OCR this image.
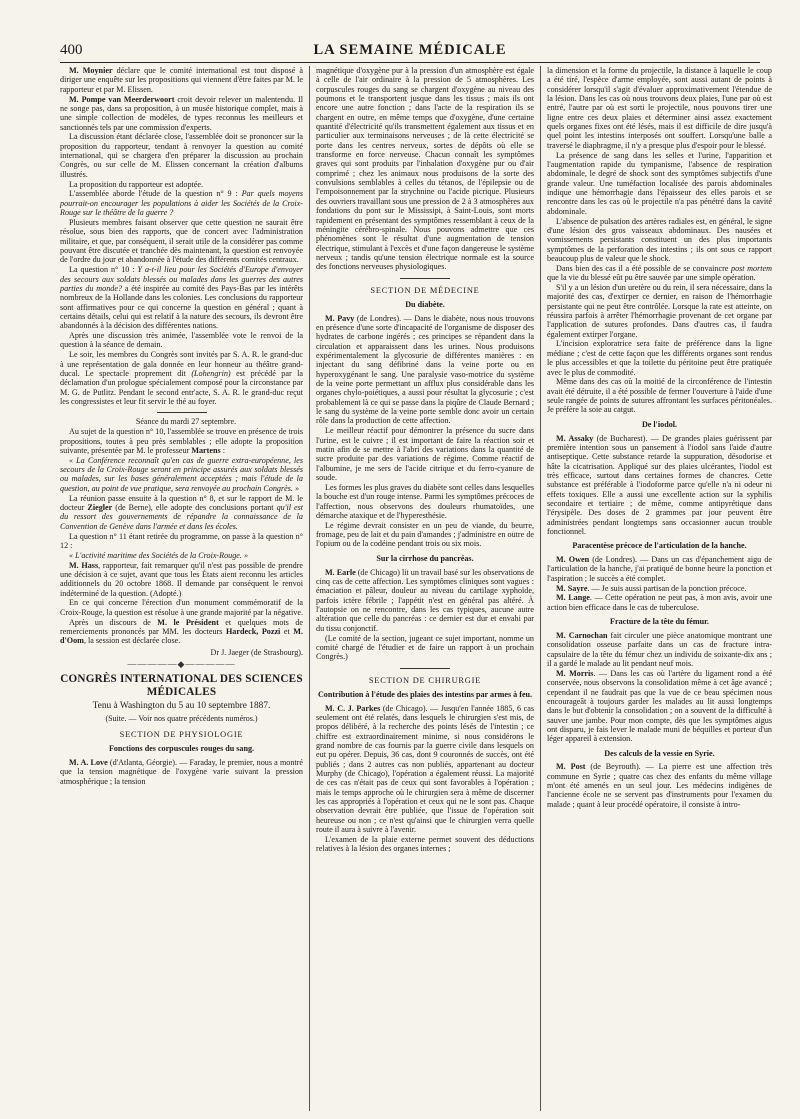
400	LA SEMAINE MÉDICALE

M. Moynier déclare que le comité international est tout disposé à diriger une enquête sur les propositions qui viennent d'être faites par M. le rapporteur et par M. Elissen.

M. Pompe van Meerderwoort croit devoir relever un malentendu. Il ne songe pas, dans sa proposition, à un musée historique complet, mais à une simple collection de modèles, de types reconnus les meilleurs et sanctionnés tels par une commission d'experts.

La discussion étant déclarée close, l'assemblée doit se prononcer sur la proposition du rapporteur, tendant à renvoyer la question au comité international, qui se chargera d'en préparer la discussion au prochain Congrès, ou sur celle de M. Elissen concernant la création d'albums illustrés.

La proposition du rapporteur est adoptée.

L'assemblée aborde l'étude de la question n° 9 : Par quels moyens pourrait-on encourager les populations à aider les Sociétés de la Croix-Rouge sur le théâtre de la guerre ?

Plusieurs membres faisant observer que cette question ne saurait être résolue, sous bien des rapports, que de concert avec l'administration militaire, et que, par conséquent, il serait utile de la considérer pas comme pouvant être discutée et tranchée dès maintenant, la question est renvoyée de l'ordre du jour et abandonnée à l'étude des différents comités centraux.

La question n° 10 : Y a-t-il lieu pour les Sociétés d'Europe d'envoyer des secours aux soldats blessés ou malades dans les guerres des autres parties du monde? a été inspirée au comité des Pays-Bas par les intérêts nombreux de la Hollande dans les colonies. Les conclusions du rapporteur sont affirmatives pour ce qui concerne la question en général ; quant à certains détails, celui qui est relatif à la nature des secours, ils devront être abandonnés à la décision des différentes nations.

Après une discussion très animée, l'assemblée vote le renvoi de la question à la séance de demain.

Le soir, les membres du Congrès sont invités par S. A. R. le grand-duc à une représentation de gala donnée en leur honneur au théâtre grand-ducal. Le spectacle proprement dit (Lohengrin) est précédé par la déclamation d'un prologue spécialement composé pour la circonstance par M. G. de Putlitz. Pendant le second entr'acte, S. A. R. le grand-duc reçut les congressistes et leur fit servir le thé au foyer.

Séance du mardi 27 septembre.

Au sujet de la question n° 10, l'assemblée se trouve en présence de trois propositions, toutes à peu près semblables ; elle adopte la proposition suivante, présentée par M. le professeur Martens :

« La Conférence reconnaît qu'en cas de guerre extra-européenne, les secours de la Croix-Rouge seront en principe assurés aux soldats blessés ou malades, sur les bases généralement acceptées ; mais l'étude de la question, au point de vue pratique, sera renvoyée au prochain Congrès. »

La réunion passe ensuite à la question n° 8, et sur le rapport de M. le docteur Ziegler (de Berne), elle adopte des conclusions portant qu'il est du ressort des gouvernements de répandre la connaissance de la Convention de Genève dans l'armée et dans les écoles.

La question n° 11 étant retirée du programme, on passe à la question n° 12 :

« L'activité maritime des Sociétés de la Croix-Rouge. »

M. Hass, rapporteur, fait remarquer qu'il n'est pas possible de prendre une décision à ce sujet, avant que tous les États aient reconnu les articles additionnels du 20 octobre 1868. Il demande par conséquent le renvoi indéterminé de la question. (Adopté.)

En ce qui concerne l'érection d'un monument commémoratif de la Croix-Rouge, la question est résolue à une grande majorité par la négative.

Après un discours de M. le Président et quelques mots de remerciements prononcés par MM. les docteurs Hardeck, Pozzi et M. d'Oom, la session est déclarée close.

Dr J. Jaeger (de Strasbourg).
—————◆—————
CONGRÈS INTERNATIONAL DES SCIENCES MÉDICALES
Tenu à Washington du 5 au 10 septembre 1887.
(Suite. — Voir nos quatre précédents numéros.)
SECTION DE PHYSIOLOGIE
Fonctions des corpuscules rouges du sang.

M. A. Love (d'Atlanta, Géorgie). — Faraday, le premier, nous a montré que la tension magnétique de l'oxygène varie suivant la pression atmosphérique ; la tension

magnétique d'oxygène pur à la pression d'un atmosphère est égale à celle de l'air ordinaire à la pression de 5 atmosphères. Les corpuscules rouges du sang se chargent d'oxygène au niveau des poumons et le transportent jusque dans les tissus ; mais ils ont encore une autre fonction ; dans l'acte de la respiration ils se chargent en outre, en même temps que d'oxygène, d'une certaine quantité d'électricité qu'ils transmettent également aux tissus et en particulier aux terminaisons nerveuses ; de là cette électricité se porte dans les centres nerveux, sortes de dépôts où elle se transforme en force nerveuse. Chacun connaît les symptômes graves qui sont produits par l'inhalation d'oxygène pur ou d'air comprimé ; chez les animaux nous produisons de la sorte des convulsions semblables à celles du tétanos, de l'épilepsie ou de l'empoisonnement par la strychnine ou l'acide picrique. Plusieurs des ouvriers travaillant sous une pression de 2 à 3 atmosphères aux fondations du pont sur le Mississipi, à Saint-Louis, sont morts rapidement en présentant des symptômes ressemblant à ceux de la méningite cérébro-spinale. Nous pouvons admettre que ces phénomènes sont le résultat d'une augmentation de tension électrique, stimulant à l'excès et d'une façon dangereuse le système nerveux ; tandis qu'une tension électrique normale est la source des fonctions nerveuses physiologiques.

SECTION DE MÉDECINE
Du diabète.

M. Pavy (de Londres). — Dans le diabète, nous nous trouvons en présence d'une sorte d'incapacité de l'organisme de disposer des hydrates de carbone ingérés ; ces principes se répandent dans la circulation et apparaissent dans les urines. Nous produisons expérimentalement la glycosurie de différentes manières : en injectant du sang défibriné dans la veine porte ou en hyperoxygénant le sang. Une paralysie vaso-motrice du système de la veine porte permettant un afflux plus considérable dans les organes chylo-poiétiques, a aussi pour résultat la glycosurie ; c'est probablement là ce qui se passe dans la piqûre de Claude Bernard ; le sang du système de la veine porte semble donc avoir un certain rôle dans la production de cette affection.

Le meilleur réactif pour démontrer la présence du sucre dans l'urine, est le cuivre ; il est important de faire la réaction soir et matin afin de se mettre à l'abri des variations dans la quantité de sucre produite par des variations de régime. Comme réactif de l'albumine, je me sers de l'acide citrique et du ferro-cyanure de soude.

Les formes les plus graves du diabète sont celles dans lesquelles la bouche est d'un rouge intense. Parmi les symptômes précoces de l'affection, nous observons des douleurs rhumatoïdes, une démarche ataxique et de l'hyperesthésie.

Le régime devrait consister en un peu de viande, du beurre, fromage, peu de lait et du pain d'amandes ; j'administre en outre de l'opium ou de la codéine pendant trois ou six mois.

Sur la cirrhose du pancréas.

M. Earle (de Chicago) lit un travail basé sur les observations de cinq cas de cette affection. Les symptômes cliniques sont vagues : émaciation et pâleur, douleur au niveau du cartilage xyphoïde, parfois ictère fébrile ; l'appétit n'est en général pas altéré. À l'autopsie on ne rencontre, dans les cas typiques, aucune autre altération que celle du pancréas : ce dernier est dur et envahi par du tissu conjonctif.

(Le comité de la section, jugeant ce sujet important, nomme un comité chargé de l'étudier et de faire un rapport à un prochain Congrès.)

SECTION DE CHIRURGIE
Contribution à l'étude des plaies des intestins par armes à feu.

M. C. J. Parkes (de Chicago). — Jusqu'en l'année 1885, 6 cas seulement ont été relatés, dans lesquels le chirurgien s'est mis, de propos délibéré, à la recherche des points lésés de l'intestin ; ce chiffre est extraordinairement minime, si nous considérons le grand nombre de cas fournis par la guerre civile dans lesquels on eut pu opérer. Depuis, 36 cas, dont 9 couronnés de succès, ont été publiés ; dans 2 autres cas non publiés, appartenant au docteur Murphy (de Chicago), l'opération a également réussi. La majorité de ces cas n'était pas de ceux qui sont favorables à l'opération ; mais le temps approche où le chirurgien sera à même de discerner les cas appropriés à l'opération et ceux qui ne le sont pas. Chaque observation devrait être publiée, que l'issue de l'opération soit heureuse ou non ; ce n'est qu'ainsi que le chirurgien verra quelle route il aura à suivre à l'avenir.

L'examen de la plaie externe permet souvent des déductions relatives à la lésion des organes internes ;

la dimension et la forme du projectile, la distance à laquelle le coup a été tiré, l'espèce d'arme employée, sont aussi autant de points à considérer lorsqu'il s'agit d'évaluer approximativement l'étendue de la lésion. Dans les cas où nous trouvons deux plaies, l'une par où est entré, l'autre par où est sorti le projectile, nous pouvons tirer une ligne entre ces deux plaies et déterminer ainsi assez exactement quels organes fixes ont été lésés, mais il est difficile de dire jusqu'à quel point les intestins interposés ont souffert. Lorsqu'une balle a traversé le diaphragme, il n'y a presque plus d'espoir pour le blessé.

La présence de sang dans les selles et l'urine, l'apparition et l'augmentation rapide du tympanisme, l'absence de respiration abdominale, le degré de shock sont des symptômes subjectifs d'une grande valeur. Une tuméfaction localisée des parois abdominales indique une hémorrhagie dans l'épaisseur des elles parois et se rencontre dans les cas où le projectile n'a pas pénétré dans la cavité abdominale.

L'absence de pulsation des artères radiales est, en général, le signe d'une lésion des gros vaisseaux abdominaux. Des nausées et vomissements persistants constituent un des plus importants symptômes de la perforation des intestins ; ils ont sous ce rapport beaucoup plus de valeur que le shock.

Dans bien des cas il a été possible de se convaincre post mortem que la vie du blessé eût pu être sauvée par une simple opération.

S'il y a un lésion d'un uretère ou du rein, il sera nécessaire, dans la majorité des cas, d'extirper ce dernier, en raison de l'hémorrhagie persistante qui ne peut être contrôlée. Lorsque la rate est atteinte, on réussira parfois à arrêter l'hémorrhagie provenant de cet organe par l'application de sutures profondes. Dans d'autres cas, il faudra également extirper l'organe.

L'incision exploratrice sera faite de préférence dans la ligne médiane ; c'est de cette façon que les différents organes sont rendus le plus accessibles et que la toilette du péritoine peut être pratiquée avec le plus de commodité.

Même dans des cas où la moitié de la circonférence de l'intestin avait été détruite, il a été possible de fermer l'ouverture à l'aide d'une seule rangée de points de sutures affrontant les surfaces péritonéales. Je préfère la soie au catgut.

De l'iodol.

M. Assaky (de Bucharest). — De grandes plaies guérissent par première intention sous un pansement à l'iodol sans l'aide d'autre antiseptique. Cette substance retarde la suppuration, désodorise et hâte la cicatrisation. Appliqué sur des plaies ulcérantes, l'iodol est très efficace, surtout dans certaines formes de chancres. Cette substance est préférable à l'iodoforme parce qu'elle n'a ni odeur ni effets toxiques. Elle a aussi une excellente action sur la syphilis secondaire et tertiaire ; de même, comme antipyrétique dans l'érysipèle. Des doses de 2 grammes par jour peuvent être administrées pendant longtemps sans occasionner aucun trouble fonctionnel.

Paracentèse précoce de l'articulation de la hanche.

M. Owen (de Londres). — Dans un cas d'épanchement aigu de l'articulation de la hanche, j'ai pratiqué de bonne heure la ponction et l'aspiration ; le succès a été complet.

M. Sayre. — Je suis aussi partisan de la ponction précoce.

M. Lange. — Cette opération ne peut pas, à mon avis, avoir une action bien efficace dans le cas de tuberculose.

Fracture de la tête du fémur.

M. Carnochan fait circuler une pièce anatomique montrant une consolidation osseuse parfaite dans un cas de fracture intra-capsulaire de la tête du fémur chez un individu de soixante-dix ans ; il a gardé le malade au lit pendant neuf mois.

M. Morris. — Dans les cas où l'artère du ligament rond a été conservée, nous observons la consolidation même à cet âge avancé ; cependant il ne faudrait pas que la vue de ce beau spécimen nous encourageât à toujours garder les malades au lit aussi longtemps dans le but d'obtenir la consolidation ; on a souvent de la difficulté à sauver une jambe. Pour mon compte, dès que les symptômes aigus ont disparu, je fais lever le malade muni de béquilles et porteur d'un léger appareil à extension.

Des calculs de la vessie en Syrie.

M. Post (de Beyrouth). — La pierre est une affection très commune en Syrie ; quatre cas chez des enfants du même village m'ont été amenés en un seul jour. Les médecins indigènes de l'ancienne école ne se servent pas d'instruments pour l'examen du malade ; quant à leur procédé opératoire, il consiste à intro-
